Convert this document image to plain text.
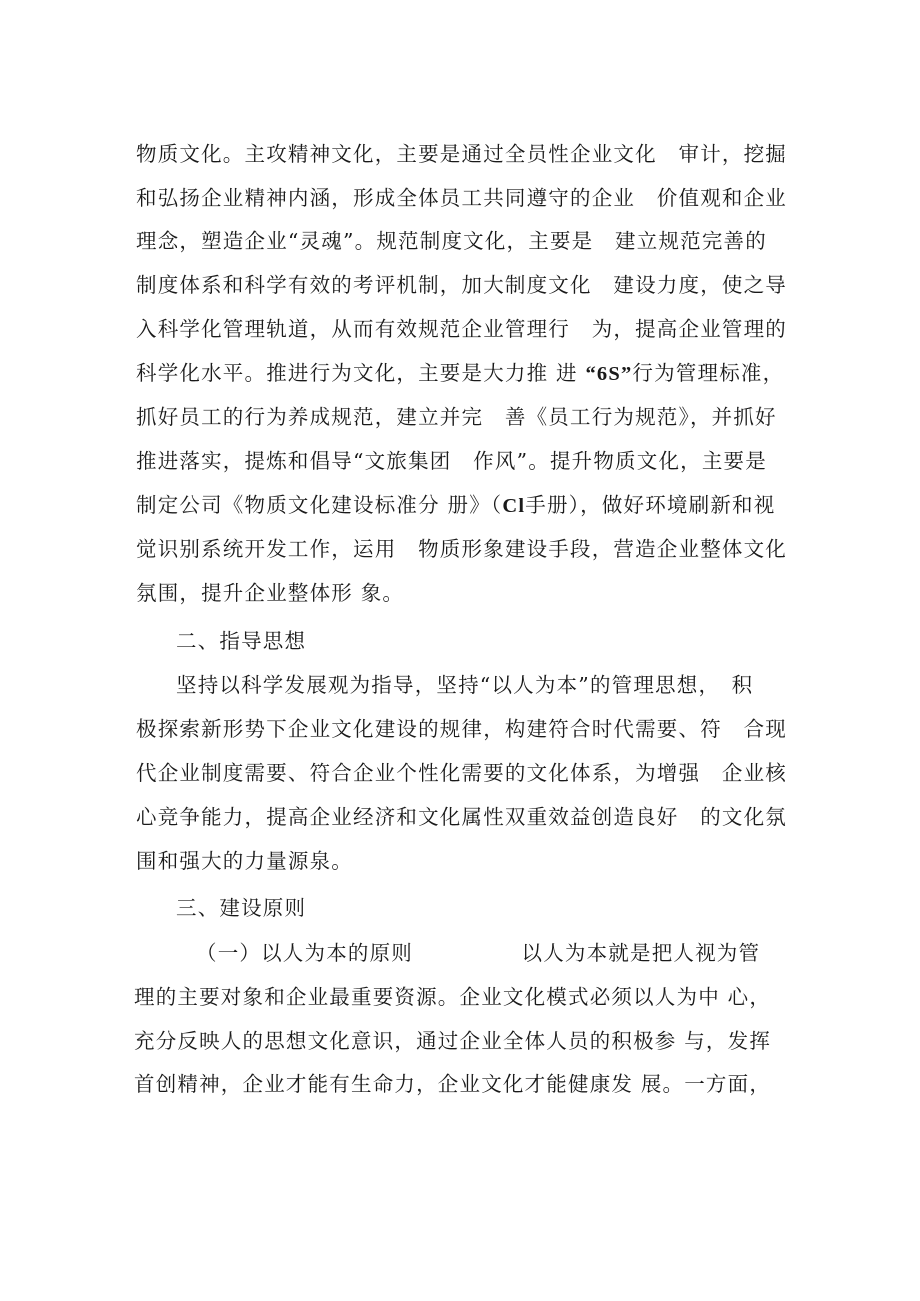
物质文化。主攻精神文化，主要是通过全员性企业文化　审计，挖掘
和弘扬企业精神内涵，形成全体员工共同遵守的企业　价值观和企业
理念，塑造企业“灵魂”。规范制度文化，主要是　建立规范完善的
制度体系和科学有效的考评机制，加大制度文化　建设力度，使之导
入科学化管理轨道，从而有效规范企业管理行　为，提高企业管理的
科学化水平。推进行为文化，主要是大力推 进 “6S”行为管理标准，
抓好员工的行为养成规范，建立并完　善《员工行为规范》，并抓好
推进落实，提炼和倡导“文旅集团　作风”。提升物质文化，主要是
制定公司《物质文化建设标准分 册》（Cl手册），做好环境刷新和视
觉识别系统开发工作，运用　物质形象建设手段，营造企业整体文化
氛围，提升企业整体形 象。
二、指导思想
坚持以科学发展观为指导，坚持“以人为本”的管理思想，　积
极探索新形势下企业文化建设的规律，构建符合时代需要、符　合现
代企业制度需要、符合企业个性化需要的文化体系，为增强　企业核
心竞争能力，提高企业经济和文化属性双重效益创造良好　的文化氛
围和强大的力量源泉。
三、建设原则
（一）以人为本的原则　　　　　以人为本就是把人视为管
理的主要对象和企业最重要资源。企业文化模式必须以人为中 心，
充分反映人的思想文化意识，通过企业全体人员的积极参 与，发挥
首创精神，企业才能有生命力，企业文化才能健康发 展。一方面，
